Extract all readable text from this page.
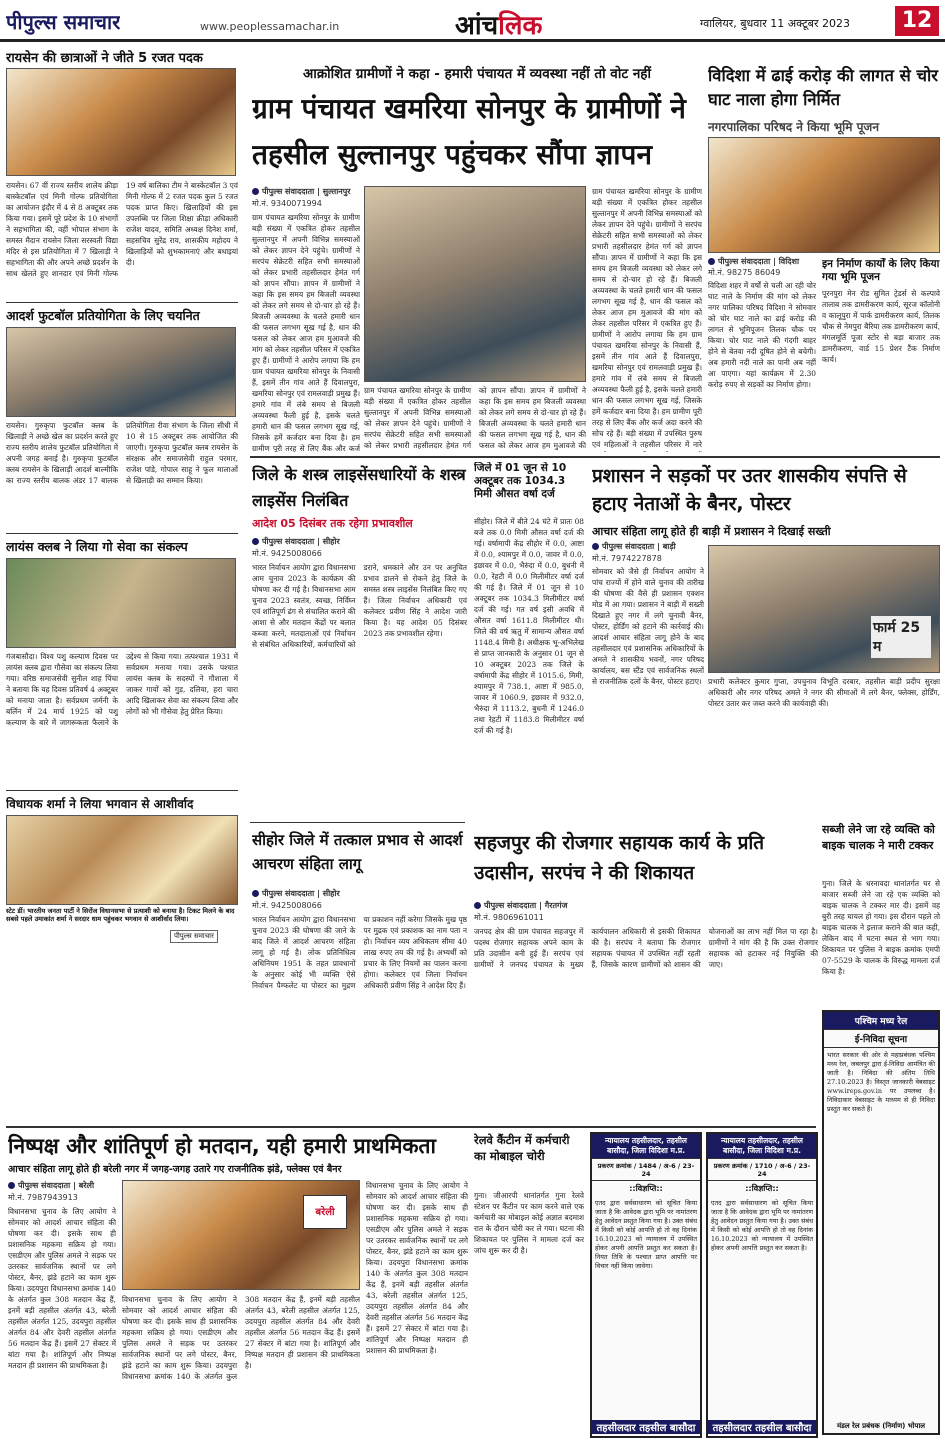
पीपुल्स समाचार	www.peoplessamachar.in	आंचलिक	ग्वालियर, बुधवार 11 अक्टूबर 2023	12
रायसेन की छात्राओं ने जीते 5 रजत पदक
रायसेन। 67 वीं राज्य स्तरीय शालेय क्रीड़ा बास्केटबॉल एवं मिनी गोल्फ प्रतियोगिता का आयोजन इंदौर में 4 से 8 अक्टूबर तक किया गया। इसमें पूरे प्रदेश के 10 संभागों ने सहभागिता की, वहीं भोपाल संभाग के समस्त मैदान रायसेन जिला सरस्वती विद्या मंदिर से इस प्रतियोगिता में 7 खिलाड़ी ने सहभागिता की और अपने अच्छे प्रदर्शन के साथ खेलते हुए शानदार एवं मिनी गोल्फ 19 वर्ष बालिका टीम ने बास्केटबॉल 3 एवं मिनी गोल्फ में 2 रजत पदक कुल 5 रजत पदक प्राप्त किए। खिलाड़ियों की इस उपलब्धि पर जिला शिक्षा क्रीड़ा अधिकारी राजेश यादव, समिति अध्यक्ष दिनेश शर्मा, सहसचिव सुरेंद्र राय, शासकीय महोदय ने खिलाड़ियों को शुभकामनाएं और बधाइयां दी।
आदर्श फुटबॉल प्रतियोगिता के लिए चयनित
रायसेन। गुरुकृपा फुटबॉल क्लब के खिलाड़ी ने अच्छे खेल का प्रदर्शन करते हुए राज्य स्तरीय शालेय फुटबॉल प्रतियोगिता में अपनी जगह बनाई है। गुरुकृपा फुटबॉल क्लब रायसेन के खिलाड़ी आदर्श बाल्मीकि का राज्य स्तरीय बालक अंडर 17 बालक प्रतियोगिता रीवा संभाग के जिला सीधी में 10 से 15 अक्टूबर तक आयोजित की जाएगी। गुरुकृपा फुटबॉल क्लब रायसेन के संरक्षक और समाजसेवी राहुल परमार, राजेश पांडे, गोपाल साहू ने फूल मालाओं से खिलाड़ी का सम्मान किया।
लायंस क्लब ने लिया गो सेवा का संकल्प
गंजबासौदा। विश्व पशु कल्याण दिवस पर लायंस क्लब द्वारा गौसेवा का संकल्प लिया गया। वरिष्ठ समाजसेवी सुनील शाह पिंचा ने बताया कि यह दिवस प्रतिवर्ष 4 अक्टूबर को मनाया जाता है। सर्वप्रथम जर्मनी के बर्लिन में 24 मार्च 1925 को पशु कल्याण के बारे में जागरूकता फैलाने के उद्देश्य से किया गया। तत्पश्चात 1931 में सर्वप्रथम मनाया गया। उसके पश्चात लायंस क्लब के सदस्यों ने गौशाला में जाकर गायों को गुड़, दलिया, हरा चारा आदि खिलाकर सेवा का संकल्प लिया और लोगों को भी गौसेवा हेतु प्रेरित किया।
विधायक शर्मा ने लिया भगवान से आशीर्वाद
स्टेट डीं। भारतीय जनता पार्टी ने सिरोंज विधानसभा से प्रत्याशी को बनाया है। टिकट मिलने के बाद सबसे पहले उमाकांत शर्मा ने सरदार धाम पहुंचकर भगवान से आशीर्वाद लिया।
पीपुल्स समाचार
आक्रोशित ग्रामीणों ने कहा - हमारी पंचायत में व्यवस्था नहीं तो वोट नहीं
ग्राम पंचायत खमरिया सोनपुर के ग्रामीणों ने तहसील सुल्तानपुर पहुंचकर सौंपा ज्ञापन
पीपुल्स संवाददाता | सुल्तानपुर
मो.नं. 9340071994
ग्राम पंचायत खमरिया सोनपुर के ग्रामीण बड़ी संख्या में एकत्रित होकर तहसील सुल्तानपुर में अपनी विभिन्न समस्याओं को लेकर ज्ञापन देने पहुंचे। ग्रामीणों ने सरपंच सेक्रेटरी सहित सभी समस्याओं को लेकर प्रभारी तहसीलदार हेमंत गर्ग को ज्ञापन सौंपा। ज्ञापन में ग्रामीणों ने कहा कि इस समय हम बिजली व्यवस्था को लेकर लगे समय से दो-चार हो रहे हैं। बिजली अव्यवस्था के चलते हमारी धान की फसल लगभग सूख गई है, धान की फसल को लेकर आज हम मुआवजे की मांग को लेकर तहसील परिसर में एकत्रित हुए हैं। ग्रामीणों ने आरोप लगाया कि हम ग्राम पंचायत खमरिया सोनपुर के निवासी हैं, इसमें तीन गांव आते हैं दिवालपुरा, खमरिया सोनपुर एवं रामलवाड़ी प्रमुख हैं। हमारे गांव में लंबे समय से बिजली अव्यवस्था फैली हुई है, इसके चलते हमारी धान की फसल लगभग सूख गई, जिसके हमें कर्जदार बना दिया है। हम ग्रामीण पूरी तरह से लिए बैंक और कर्ज
ग्राम पंचायत खमरिया सोनपुर के ग्रामीण बड़ी संख्या में एकत्रित होकर तहसील सुल्तानपुर में अपनी विभिन्न समस्याओं को लेकर ज्ञापन देने पहुंचे। ग्रामीणों ने सरपंच सेक्रेटरी सहित सभी समस्याओं को लेकर प्रभारी तहसीलदार हेमंत गर्ग को ज्ञापन सौंपा। ज्ञापन में ग्रामीणों ने कहा कि इस समय हम बिजली व्यवस्था को लेकर लगे समय से दो-चार हो रहे हैं। बिजली अव्यवस्था के चलते हमारी धान की फसल लगभग सूख गई है, धान की फसल को लेकर आज हम मुआवजे की
ग्राम पंचायत खमरिया सोनपुर के ग्रामीण बड़ी संख्या में एकत्रित होकर तहसील सुल्तानपुर में अपनी विभिन्न समस्याओं को लेकर ज्ञापन देने पहुंचे। ग्रामीणों ने सरपंच सेक्रेटरी सहित सभी समस्याओं को लेकर प्रभारी तहसीलदार हेमंत गर्ग को ज्ञापन सौंपा। ज्ञापन में ग्रामीणों ने कहा कि इस समय हम बिजली व्यवस्था को लेकर लगे समय से दो-चार हो रहे हैं। बिजली अव्यवस्था के चलते हमारी धान की फसल लगभग सूख गई है, धान की फसल को लेकर आज हम मुआवजे की मांग को लेकर तहसील परिसर में एकत्रित हुए हैं। ग्रामीणों ने आरोप लगाया कि हम ग्राम पंचायत खमरिया सोनपुर के निवासी हैं, इसमें तीन गांव आते हैं दिवालपुरा, खमरिया सोनपुर एवं रामलवाड़ी प्रमुख हैं। हमारे गांव में लंबे समय से बिजली अव्यवस्था फैली हुई है, इसके चलते हमारी धान की फसल लगभग सूख गई, जिसके हमें कर्जदार बना दिया है। हम ग्रामीण पूरी तरह से लिए बैंक और कर्ज अदा करने की सोच रहे हैं। बड़ी संख्या में उपस्थित पुरुष एवं महिलाओं ने तहसील परिसर में नारे
विदिशा में ढाई करोड़ की लागत से चोर घाट नाला होगा निर्मित
नगरपालिका परिषद ने किया भूमि पूजन
पीपुल्स संवाददाता | विदिशा
मो.नं. 98275 86049
विदिशा शहर में वर्षों से चली आ रही चोर घाट नाले के निर्माण की मांग को लेकर नगर पालिका परिषद विदिशा ने सोमवार को चोर घाट नाले का ढाई करोड़ की लागत से भूमिपूजन तिलक चौक पर किया। चोर घाट नाले की गंदगी बाहर होने से बेतवा नदी दूषित होने से बचेगी। अब हमारी नदी नाले का पानी अब नहीं आ पाएगा। यहां कार्यक्रम में 2.30 करोड़ रुपए से सड़कों का निर्माण होगा।
इन निर्माण कार्यों के लिए किया गया भूमि पूजन
पूरनपुरा मेन रोड सुमित ट्रेडर्स से कल्पावे तालाब तक डामरीकरण कार्य, सूरज कॉलोनी व कालूपुरा में पार्क डामरीकरण कार्य, तिलक चौक से नेमपुरा बैरिया तक डामरीकरण कार्य, मंगलमूर्ति पूजा स्टोर से बड़ा बाजार तक डामरीकरण, वार्ड 15 प्रेशर टैंक निर्माण कार्य।
जिले के शस्त्र लाइसेंसधारियों के शस्त्र लाइसेंस निलंबित
आदेश 05 दिसंबर तक रहेगा प्रभावशील
पीपुल्स संवाददाता | सीहोर
मो.नं. 9425008066
भारत निर्वाचन आयोग द्वारा विधानसभा आम चुनाव 2023 के कार्यक्रम की घोषणा कर दी गई है। विधानसभा आम चुनाव 2023 स्वतंत्र, स्वच्छ, निर्विघ्न एवं शांतिपूर्ण ढंग से संचालित कराने की आशा से और मतदान केंद्रों पर बलात कब्जा करने, मतदाताओं एवं निर्वाचन से संबंधित अधिकारियों, कर्मचारियों को डराने, धमकाने और उन पर अनुचित प्रभाव डालने से रोकने हेतु जिले के समस्त शस्त्र लाइसेंस निलंबित किए गए हैं। जिला निर्वाचन अधिकारी एवं कलेक्टर प्रवीण सिंह ने आदेश जारी किया है। यह आदेश 05 दिसंबर 2023 तक प्रभावशील रहेगा।
जिले में 01 जून से 10 अक्टूबर तक 1034.3 मिमी औसत वर्षा दर्ज
सीहोर। जिले में बीते 24 घंटे में प्रातः 08 बजे तक 0.0 मिमी औसत वर्षा दर्ज की गई। वर्षामापी केंद्र सीहोर में 0.0, आष्टा में 0.0, श्यामपुर में 0.0, जावर में 0.0, इछावर में 0.0, भैरुंदा में 0.0, बुधनी में 0.0, रेहटी में 0.0 मिलीमीटर वर्षा दर्ज की गई है। जिले में 01 जून से 10 अक्टूबर तक 1034.3 मिलीमीटर वर्षा दर्ज की गई। गत वर्ष इसी अवधि में औसत वर्षा 1611.8 मिलीमीटर थी। जिले की वर्ष ऋतु में सामान्य औसत वर्षा 1148.4 मिमी है। अधीक्षक भू-अभिलेख से प्राप्त जानकारी के अनुसार 01 जून से 10 अक्टूबर 2023 तक जिले के वर्षामापी केंद्र सीहोर में 1015.6, मिमी, श्यामपुर में 738.1, आष्टा में 985.0, जावर में 1060.9, इछावर में 932.0, भैरुंदा में 1113.2, बुधनी में 1246.0 तथा रेहटी में 1183.8 मिलीमीटर वर्षा दर्ज की गई है।
प्रशासन ने सड़कों पर उतर शासकीय संपत्ति से हटाए नेताओं के बैनर, पोस्टर
आचार संहिता लागू होते ही बाड़ी में प्रशासन ने दिखाई सख्ती
पीपुल्स संवाददाता | बाड़ी
मो.नं. 7974227878
सोमवार को जैसे ही निर्वाचन आयोग ने पांच राज्यों में होने वाले चुनाव की तारीख की घोषणा की वैसे ही प्रशासन एक्शन मोड में आ गया। प्रशासन ने बाड़ी में सख्ती दिखाते हुए नगर में लगे चुनावी बैनर, पोस्टर, होर्डिंग को हटाने की कार्रवाई की। आदर्श आचार संहिता लागू होने के बाद तहसीलदार एवं प्रशासनिक अधिकारियों के अमले ने शासकीय भवनों, नगर परिषद कार्यालय, बस स्टैंड एवं सार्वजनिक स्थलों से राजनीतिक दलों के बैनर, पोस्टर हटाए।
फार्म 25 म
प्रभारी कलेक्टर कुमार गुप्ता, उपचुनाव विभूति दरबार, तहसील बाड़ी प्रदीप सुरक्षा अधिकारी और नगर परिषद अमले ने नगर की सीमाओं में लगे बैनर, फ्लेक्स, होर्डिंग, पोस्टर उतार कर जब्त करने की कार्यवाही की।
सब्जी लेने जा रहे व्यक्ति को बाइक चालक ने मारी टक्कर
गुना। जिले के धरनावदा थानांतर्गत घर से बाजार सब्जी लेने जा रहे एक व्यक्ति को बाइक चालक ने टक्कर मार दी। इसमें वह बुरी तरह घायल हो गया। इस दौरान पहले तो बाइक चालक ने इलाज कराने की बात कही, लेकिन बाद में घटना स्थल से भाग गया। शिकायत पर पुलिस ने बाइक क्रमांक एमपी 07-5529 के चालक के विरुद्ध मामला दर्ज किया है।
सीहोर जिले में तत्काल प्रभाव से आदर्श आचरण संहिता लागू
पीपुल्स संवाददाता | सीहोर
मो.नं. 9425008066
भारत निर्वाचन आयोग द्वारा विधानसभा चुनाव 2023 की घोषणा की जाने के बाद जिले में आदर्श आचरण संहिता लागू हो गई है। लोक प्रतिनिधित्व अधिनियम 1951 के तहत प्रावधानों के अनुसार कोई भी व्यक्ति ऐसे निर्वाचन पैम्फलेट या पोस्टर का मुद्रण या प्रकाशन नहीं करेगा जिसके मुख पृष्ठ पर मुद्रक एवं प्रकाशक का नाम पता न हो। निर्वाचन व्यय अधिकतम सीमा 40 लाख रुपए तय की गई है। अभ्यर्थी को प्रचार के लिए नियमों का पालन करना होगा। कलेक्टर एवं जिला निर्वाचन अधिकारी प्रवीण सिंह ने आदेश दिए हैं।
सहजपुर की रोजगार सहायक कार्य के प्रति उदासीन, सरपंच ने की शिकायत
पीपुल्स संवाददाता | गैरतगंज
मो.नं. 9806961011
जनपद क्षेत्र की ग्राम पंचायत सहजपुर में पदस्थ रोजगार सहायक अपने काम के प्रति उदासीन बनी हुई हैं। सरपंच एवं ग्रामीणों ने जनपद पंचायत के मुख्य कार्यपालन अधिकारी से इसकी शिकायत की है। सरपंच ने बताया कि रोजगार सहायक पंचायत में उपस्थित नहीं रहती हैं, जिसके कारण ग्रामीणों को शासन की योजनाओं का लाभ नहीं मिल पा रहा है। ग्रामीणों ने मांग की है कि उक्त रोजगार सहायक को हटाकर नई नियुक्ति की जाए।
पश्चिम मध्य रेल
ई-निविदा सूचना
भारत सरकार की ओर से महाप्रबंधक पश्चिम मध्य रेल, जबलपुर द्वारा ई-निविदा आमंत्रित की जाती है। निविदा की अंतिम तिथि 27.10.2023 है। विस्तृत जानकारी वेबसाइट www.ireps.gov.in पर उपलब्ध है। निविदाकार वेबसाइट के माध्यम से ही निविदा प्रस्तुत कर सकते हैं।
मंडल रेल प्रबंधक (निर्माण) भोपाल
निष्पक्ष और शांतिपूर्ण हो मतदान, यही हमारी प्राथमिकता
आचार संहिता लागू होते ही बरेली नगर में जगह-जगह उतारे गए राजनीतिक झंडे, फ्लेक्स एवं बैनर
पीपुल्स संवाददाता | बरेली
मो.नं. 7987943913
विधानसभा चुनाव के लिए आयोग ने सोमवार को आदर्श आचार संहिता की घोषणा कर दी। इसके साथ ही प्रशासनिक महकमा सक्रिय हो गया। एसडीएम और पुलिस अमले ने सड़क पर उतरकर सार्वजनिक स्थानों पर लगे पोस्टर, बैनर, झंडे हटाने का काम शुरू किया। उदयपुरा विधानसभा क्रमांक 140 के अंतर्गत कुल 308 मतदान केंद्र हैं, इनमें बड़ी तहसील अंतर्गत 43, बरेली तहसील अंतर्गत 125, उदयपुरा तहसील अंतर्गत 84 और देवरी तहसील अंतर्गत 56 मतदान केंद्र हैं। इसमें 27 सेक्टर में बांटा गया है। शांतिपूर्ण और निष्पक्ष मतदान ही प्रशासन की प्राथमिकता है।
बरेली
विधानसभा चुनाव के लिए आयोग ने सोमवार को आदर्श आचार संहिता की घोषणा कर दी। इसके साथ ही प्रशासनिक महकमा सक्रिय हो गया। एसडीएम और पुलिस अमले ने सड़क पर उतरकर सार्वजनिक स्थानों पर लगे पोस्टर, बैनर, झंडे हटाने का काम शुरू किया। उदयपुरा विधानसभा क्रमांक 140 के अंतर्गत कुल 308 मतदान केंद्र हैं, इनमें बड़ी तहसील अंतर्गत 43, बरेली तहसील अंतर्गत 125, उदयपुरा तहसील अंतर्गत 84 और देवरी तहसील अंतर्गत 56 मतदान केंद्र हैं। इसमें 27 सेक्टर में बांटा गया है। शांतिपूर्ण और निष्पक्ष मतदान ही प्रशासन की प्राथमिकता है।
विधानसभा चुनाव के लिए आयोग ने सोमवार को आदर्श आचार संहिता की घोषणा कर दी। इसके साथ ही प्रशासनिक महकमा सक्रिय हो गया। एसडीएम और पुलिस अमले ने सड़क पर उतरकर सार्वजनिक स्थानों पर लगे पोस्टर, बैनर, झंडे हटाने का काम शुरू किया। उदयपुरा विधानसभा क्रमांक 140 के अंतर्गत कुल 308 मतदान केंद्र हैं, इनमें बड़ी तहसील अंतर्गत 43, बरेली तहसील अंतर्गत 125, उदयपुरा तहसील अंतर्गत 84 और देवरी तहसील अंतर्गत 56 मतदान केंद्र हैं। इसमें 27 सेक्टर में बांटा गया है। शांतिपूर्ण और निष्पक्ष मतदान ही प्रशासन की प्राथमिकता है।
रेलवे कैंटीन में कर्मचारी का मोबाइल चोरी
गुना। जीआरपी थानांतर्गत गुना रेलवे स्टेशन पर कैंटीन पर काम करने वाले एक कर्मचारी का मोबाइल कोई अज्ञात बदमाश रात के दौरान चोरी कर ले गया। घटना की शिकायत पर पुलिस ने मामला दर्ज कर जांच शुरू कर दी है।
न्यायालय तहसीलदार, तहसील बासौदा, जिला विदिशा म.प्र.
प्रकरण क्रमांक / 1484 / अ-6 / 23-24
::विज्ञप्ति::
एतद द्वारा सर्वसाधारण को सूचित किया जाता है कि आवेदक द्वारा भूमि पर नामांतरण हेतु आवेदन प्रस्तुत किया गया है। उक्त संबंध में किसी को कोई आपत्ति हो तो वह दिनांक 16.10.2023 को न्यायालय में उपस्थित होकर अपनी आपत्ति प्रस्तुत कर सकता है। नियत तिथि के पश्चात प्राप्त आपत्ति पर विचार नहीं किया जावेगा।
तहसीलदार तहसील बासौदा
न्यायालय तहसीलदार, तहसील बासौदा, जिला विदिशा म.प्र.
प्रकरण क्रमांक / 1710 / अ-6 / 23-24
::विज्ञप्ति::
एतद द्वारा सर्वसाधारण को सूचित किया जाता है कि आवेदक द्वारा भूमि पर नामांतरण हेतु आवेदन प्रस्तुत किया गया है। उक्त संबंध में किसी को कोई आपत्ति हो तो वह दिनांक 16.10.2023 को न्यायालय में उपस्थित होकर अपनी आपत्ति प्रस्तुत कर सकता है।
तहसीलदार तहसील बासौदा
